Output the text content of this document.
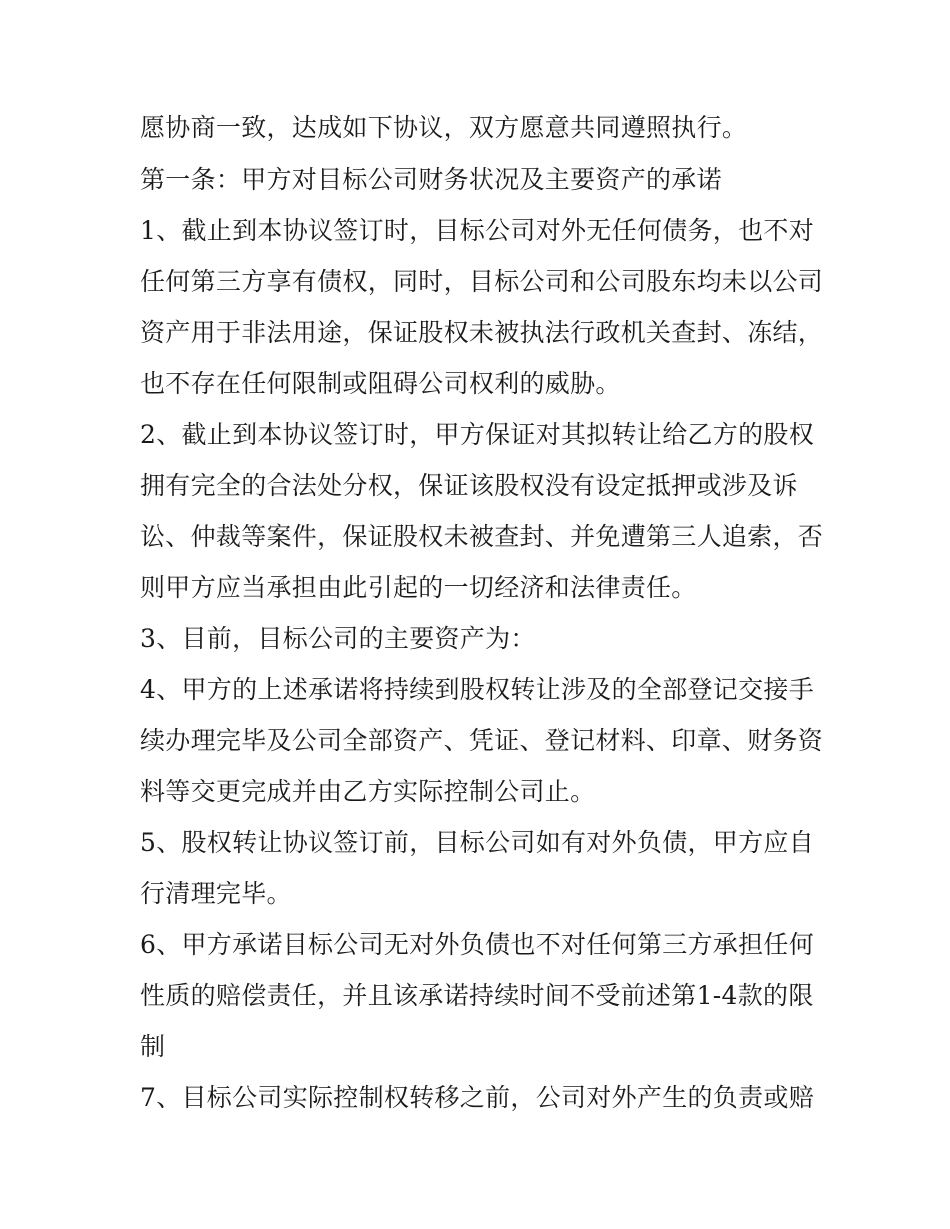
愿协商一致，达成如下协议，双方愿意共同遵照执行。
第一条：甲方对目标公司财务状况及主要资产的承诺
1、截止到本协议签订时，目标公司对外无任何债务，也不对
任何第三方享有债权，同时，目标公司和公司股东均未以公司
资产用于非法用途，保证股权未被执法行政机关查封、冻结，
也不存在任何限制或阻碍公司权利的威胁。
2、截止到本协议签订时，甲方保证对其拟转让给乙方的股权
拥有完全的合法处分权，保证该股权没有设定抵押或涉及诉
讼、仲裁等案件，保证股权未被查封、并免遭第三人追索，否
则甲方应当承担由此引起的一切经济和法律责任。
3、目前，目标公司的主要资产为：
4、甲方的上述承诺将持续到股权转让涉及的全部登记交接手
续办理完毕及公司全部资产、凭证、登记材料、印章、财务资
料等交更完成并由乙方实际控制公司止。
5、股权转让协议签订前，目标公司如有对外负债，甲方应自
行清理完毕。
6、甲方承诺目标公司无对外负债也不对任何第三方承担任何
性质的赔偿责任，并且该承诺持续时间不受前述第1-4款的限
制
7、目标公司实际控制权转移之前，公司对外产生的负责或赔
